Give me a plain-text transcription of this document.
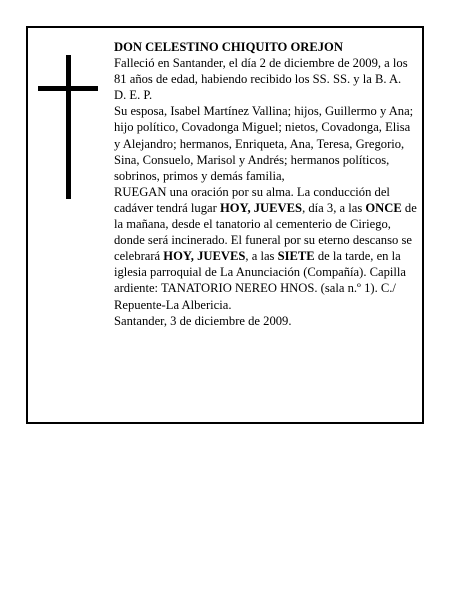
DON CELESTINO CHIQUITO OREJON

Falleció en Santander, el día 2 de diciembre de 2009, a los 81 años de edad, habiendo recibido los SS. SS. y la B. A.

D. E. P.

Su esposa, Isabel Martínez Vallina; hijos, Guillermo y Ana; hijo político, Covadonga Miguel; nietos, Covadonga, Elisa y Alejandro; hermanos, Enriqueta, Ana, Teresa, Gregorio, Sina, Consuelo, Marisol y Andrés; hermanos políticos, sobrinos, primos y demás familia,

RUEGAN una oración por su alma. La conducción del cadáver tendrá lugar HOY, JUEVES, día 3, a las ONCE de la mañana, desde el tanatorio al cementerio de Ciriego, donde será incinerado. El funeral por su eterno descanso se celebrará HOY, JUEVES, a las SIETE de la tarde, en la iglesia parroquial de La Anunciación (Compañía). Capilla ardiente: TANATORIO NEREO HNOS. (sala n.º 1). C./ Repuente-La Albericia.

Santander, 3 de diciembre de 2009.
